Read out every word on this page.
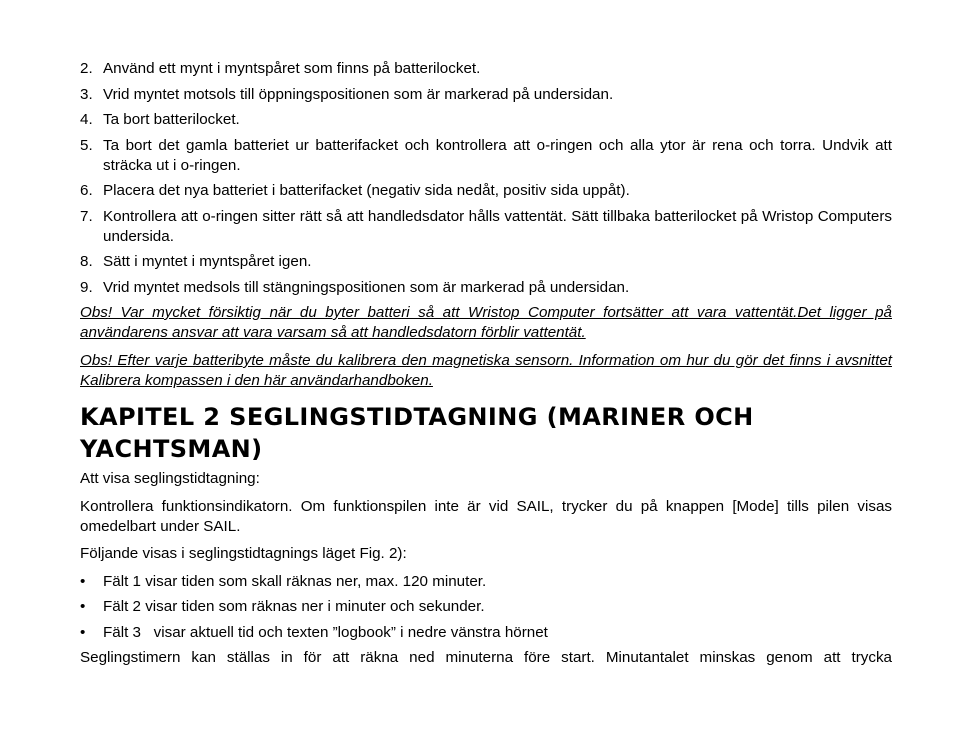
2. Använd ett mynt i myntspåret som finns på batterilocket.
3. Vrid myntet motsols till öppningspositionen som är markerad på undersidan.
4. Ta bort batterilocket.
5. Ta bort det gamla batteriet ur batterifacket och kontrollera att o-ringen och alla ytor är rena och torra. Undvik att sträcka ut i o-ringen.
6. Placera det nya batteriet i batterifacket (negativ sida nedåt, positiv sida uppåt).
7. Kontrollera att o-ringen sitter rätt så att handledsdator hålls vattentät. Sätt tillbaka batterilocket på Wristop Computers undersida.
8. Sätt i myntet i myntspåret igen.
9. Vrid myntet medsols till stängningspositionen som är markerad på undersidan.

Obs! Var mycket försiktig när du byter batteri så att Wristop Computer fortsätter att vara vattentät.Det ligger på användarens ansvar att vara varsam så att handledsdatorn förblir vattentät.

Obs! Efter varje batteribyte måste du kalibrera den magnetiska sensorn. Information om hur du gör det finns i avsnittet Kalibrera kompassen i den här användarhandboken.

KAPITEL 2 SEGLINGSTIDTAGNING (MARINER OCH YACHTSMAN)

Att visa seglingstidtagning:

Kontrollera funktionsindikatorn. Om funktionspilen inte är vid SAIL, trycker du på knappen [Mode] tills pilen visas omedelbart under SAIL.

Följande visas i seglingstidtagnings läget Fig. 2):

•	Fält 1 visar tiden som skall räknas ner, max. 120 minuter.
•	Fält 2 visar tiden som räknas ner i minuter och sekunder.
•	Fält 3   visar aktuell tid och texten ”logbook” i nedre vänstra hörnet

Seglingstimern kan ställas in för att räkna ned minuterna före start. Minutantalet minskas genom att trycka
